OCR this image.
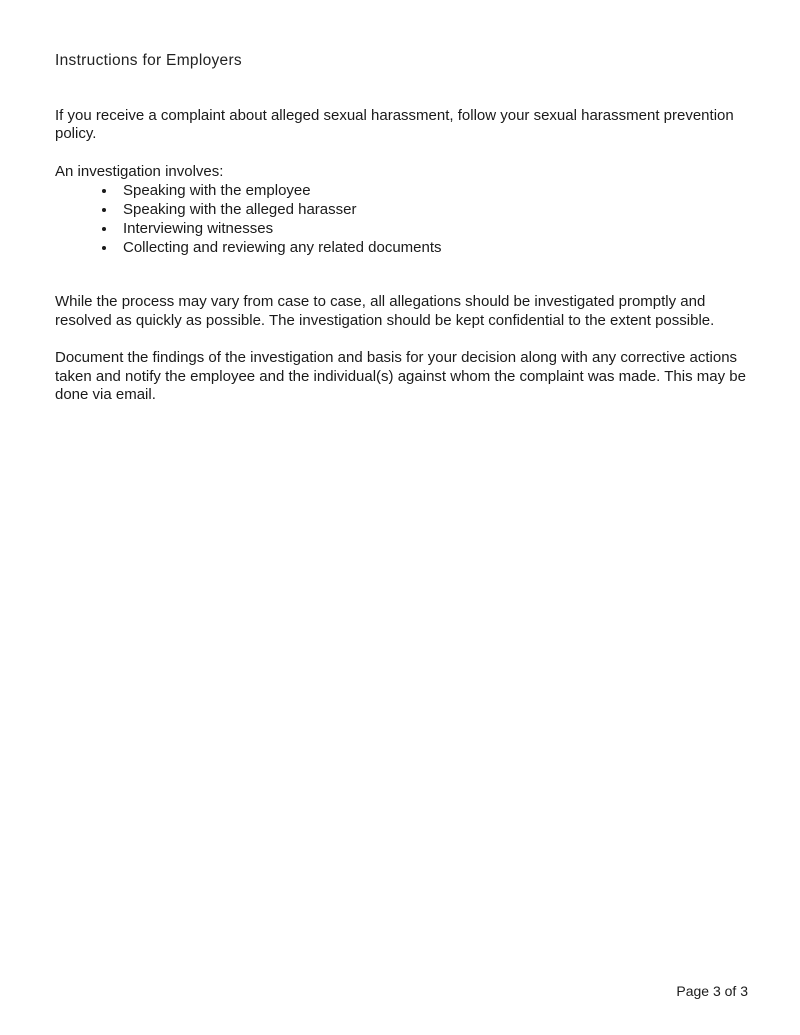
Instructions for Employers

If you receive a complaint about alleged sexual harassment, follow your sexual harassment prevention policy.

An investigation involves:

• Speaking with the employee
• Speaking with the alleged harasser
• Interviewing witnesses
• Collecting and reviewing any related documents

While the process may vary from case to case, all allegations should be investigated promptly and resolved as quickly as possible. The investigation should be kept confidential to the extent possible.

Document the findings of the investigation and basis for your decision along with any corrective actions taken and notify the employee and the individual(s) against whom the complaint was made. This may be done via email.

Page 3 of 3
